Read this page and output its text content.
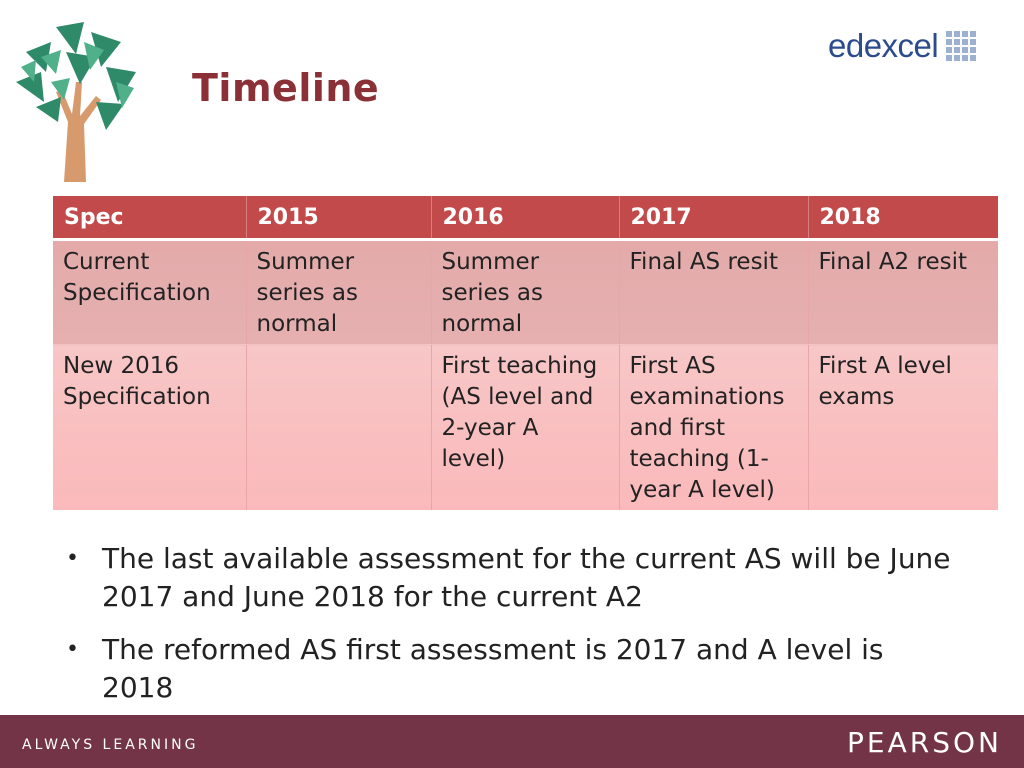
Timeline
edexcel
Spec	2015	2016	2017	2018
Current Specification	Summer series as normal	Summer series as normal	Final AS resit	Final A2 resit
New 2016 Specification		First teaching (AS level and 2-year A level)	First AS examinations and first teaching (1-year A level)	First A level exams
• The last available assessment for the current AS will be June 2017 and June 2018 for the current A2
• The reformed AS first assessment is 2017 and A level is 2018
ALWAYS LEARNING	PEARSON
